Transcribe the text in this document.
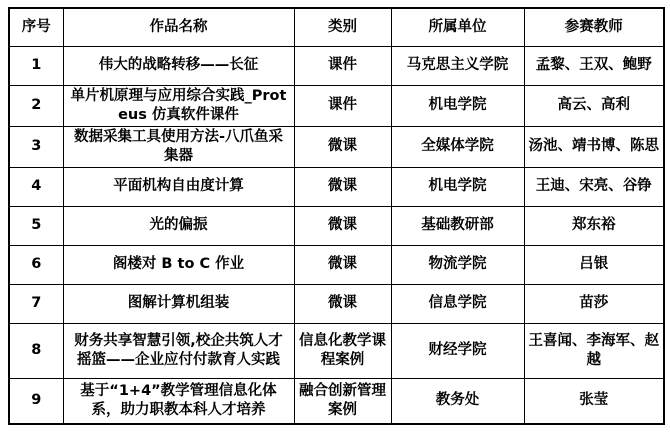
序号	作品名称	类别	所属单位	参赛教师
1	伟大的战略转移——长征	课件	马克思主义学院	孟黎、王双、鲍野
2	单片机原理与应用综合实践_Proteus 仿真软件课件	课件	机电学院	高云、高利
3	数据采集工具使用方法-八爪鱼采集器	微课	全媒体学院	汤池、靖书博、陈思
4	平面机构自由度计算	微课	机电学院	王迪、宋亮、谷铮
5	光的偏振	微课	基础教研部	郑东裕
6	阁楼对 B to C 作业	微课	物流学院	吕银
7	图解计算机组装	微课	信息学院	苗莎
8	财务共享智慧引领,校企共筑人才摇篮——企业应付付款育人实践	信息化教学课程案例	财经学院	王喜闻、李海军、赵越
9	基于“1+4”教学管理信息化体系，助力职教本科人才培养	融合创新管理案例	教务处	张莹
